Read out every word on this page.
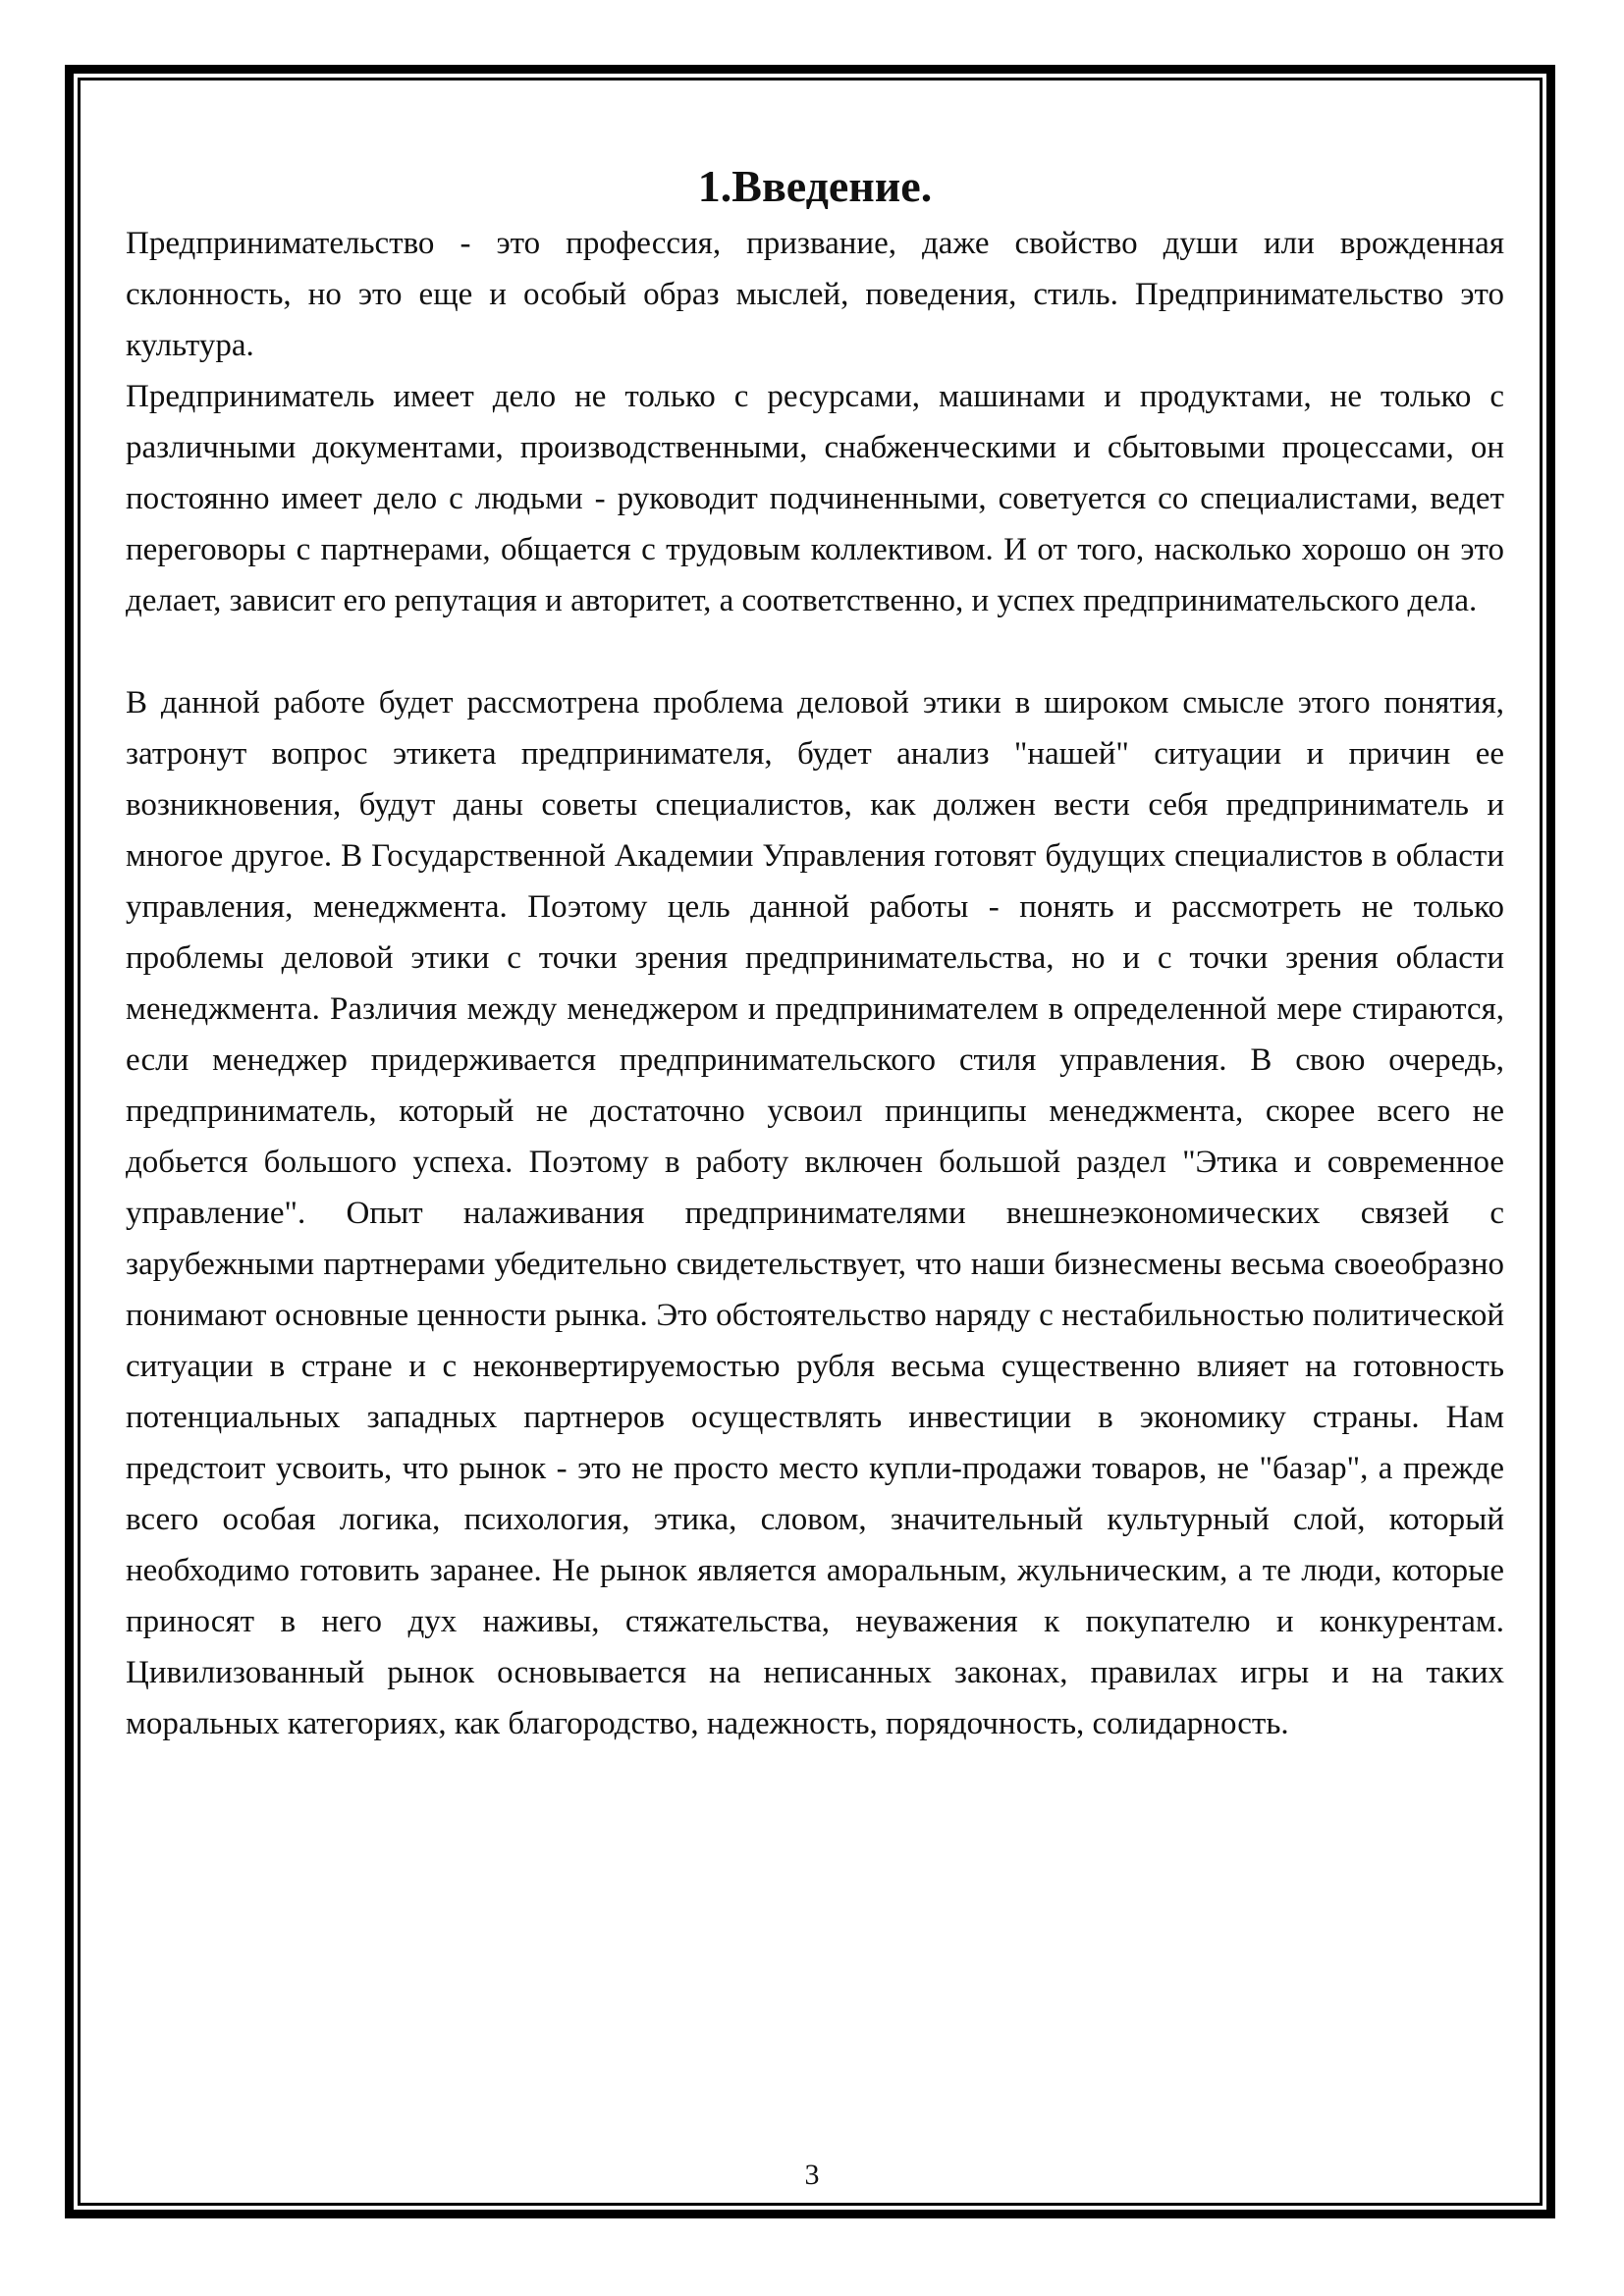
1.Введение.

Предпринимательство - это профессия, призвание, даже свойство души или врожденная склонность, но это еще и особый образ мыслей, поведения, стиль. Предпринимательство это культура.

Предприниматель имеет дело не только с ресурсами, машинами и продуктами, не только с различными документами, производственными, снабженческими и сбытовыми процессами, он постоянно имеет дело с людьми - руководит подчиненными, советуется со специалистами, ведет переговоры с партнерами, общается с трудовым коллективом. И от того, насколько хорошо он это делает, зависит его репутация и авторитет, а соответственно, и успех предпринимательского дела.

В данной работе будет рассмотрена проблема деловой этики в широком смысле этого понятия, затронут вопрос этикета предпринимателя, будет анализ "нашей" ситуации и причин ее возникновения, будут даны советы специалистов, как должен вести себя предприниматель и многое другое. В Государственной Академии Управления готовят будущих специалистов в области управления, менеджмента. Поэтому цель данной работы - понять и рассмотреть не только проблемы деловой этики с точки зрения предпринимательства, но и с точки зрения области менеджмента. Различия между менеджером и предпринимателем в определенной мере стираются, если менеджер придерживается предпринимательского стиля управления. В свою очередь, предприниматель, который не достаточно усвоил принципы менеджмента, скорее всего не добьется большого успеха. Поэтому в работу включен большой раздел "Этика и современное управление". Опыт налаживания предпринимателями внешнеэкономических связей с зарубежными партнерами убедительно свидетельствует, что наши бизнесмены весьма своеобразно понимают основные ценности рынка. Это обстоятельство наряду с нестабильностью политической ситуации в стране и с неконвертируемостью рубля весьма существенно влияет на готовность потенциальных западных партнеров осуществлять инвестиции в экономику страны. Нам предстоит усвоить, что рынок - это не просто место купли-продажи товаров, не "базар", а прежде всего особая логика, психология, этика, словом, значительный культурный слой, который необходимо готовить заранее. Не рынок является аморальным, жульническим, а те люди, которые приносят в него дух наживы, стяжательства, неуважения к покупателю и конкурентам. Цивилизованный рынок основывается на неписанных законах, правилах игры и на таких моральных категориях, как благородство, надежность, порядочность, солидарность.

3
